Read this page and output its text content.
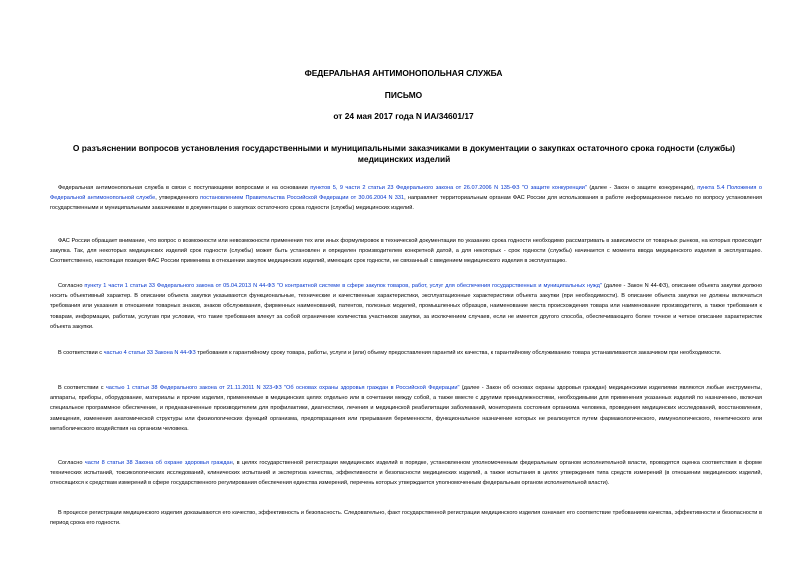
ФЕДЕРАЛЬНАЯ АНТИМОНОПОЛЬНАЯ СЛУЖБА
ПИСЬМО
от 24 мая 2017 года N ИА/34601/17
О разъяснении вопросов установления государственными и муниципальными заказчиками в документации о закупках остаточного срока годности (службы) медицинских изделий

Федеральная антимонопольная служба в связи с поступающими вопросами и на основании пунктов 5, 9 части 2 статьи 23 Федерального закона от 26.07.2006 N 135-ФЗ "О защите конкуренции" (далее - Закон о защите конкуренции), пункта 5.4 Положения о Федеральной антимонопольной службе, утвержденного постановлением Правительства Российской Федерации от 30.06.2004 N 331, направляет территориальным органам ФАС России для использования в работе информационное письмо по вопросу установления государственными и муниципальными заказчиками в документации о закупках остаточного срока годности (службы) медицинских изделий.

ФАС России обращает внимание, что вопрос о возможности или невозможности применения тех или иных формулировок в технической документации по указанию срока годности необходимо рассматривать в зависимости от товарных рынков, на которых происходит закупка. Так, для некоторых медицинских изделий срок годности (службы) может быть установлен и определен производителем конкретной датой, а для некоторых - срок годности (службы) начинается с момента ввода медицинского изделия в эксплуатацию. Соответственно, настоящая позиция ФАС России применима в отношении закупок медицинских изделий, имеющих срок годности, не связанный с введением медицинского изделия в эксплуатацию.

Согласно пункту 1 части 1 статьи 33 Федерального закона от 05.04.2013 N 44-ФЗ "О контрактной системе в сфере закупок товаров, работ, услуг для обеспечения государственных и муниципальных нужд" (далее - Закон N 44-ФЗ), описание объекта закупки должно носить объективный характер. В описании объекта закупки указываются функциональные, технические и качественные характеристики, эксплуатационные характеристики объекта закупки (при необходимости). В описание объекта закупки не должны включаться требования или указания в отношении товарных знаков, знаков обслуживания, фирменных наименований, патентов, полезных моделей, промышленных образцов, наименование места происхождения товара или наименование производителя, а также требования к товарам, информации, работам, услугам при условии, что такие требования влекут за собой ограничение количества участников закупки, за исключением случаев, если не имеется другого способа, обеспечивающего более точное и четкое описание характеристик объекта закупки.

В соответствии с частью 4 статьи 33 Закона N 44-ФЗ требования к гарантийному сроку товара, работы, услуги и (или) объему предоставления гарантий их качества, к гарантийному обслуживанию товара устанавливаются заказчиком при необходимости.

В соответствии с частью 1 статьи 38 Федерального закона от 21.11.2011 N 323-ФЗ "Об основах охраны здоровья граждан в Российской Федерации" (далее - Закон об основах охраны здоровья граждан) медицинскими изделиями являются любые инструменты, аппараты, приборы, оборудование, материалы и прочие изделия, применяемые в медицинских целях отдельно или в сочетании между собой, а также вместе с другими принадлежностями, необходимыми для применения указанных изделий по назначению, включая специальное программное обеспечение, и предназначенные производителем для профилактики, диагностики, лечения и медицинской реабилитации заболеваний, мониторинга состояния организма человека, проведения медицинских исследований, восстановления, замещения, изменения анатомической структуры или физиологических функций организма, предотвращения или прерывания беременности, функциональное назначение которых не реализуется путем фармакологического, иммунологического, генетического или метаболического воздействия на организм человека.

Согласно части 8 статьи 38 Закона об охране здоровья граждан, в целях государственной регистрации медицинских изделий в порядке, установленном уполномоченным федеральным органом исполнительной власти, проводятся оценка соответствия в форме технических испытаний, токсикологических исследований, клинических испытаний и экспертиза качества, эффективности и безопасности медицинских изделий, а также испытания в целях утверждения типа средств измерений (в отношении медицинских изделий, относящихся к средствам измерений в сфере государственного регулирования обеспечения единства измерений, перечень которых утверждается уполномоченным федеральным органом исполнительной власти).

В процессе регистрации медицинского изделия доказываются его качество, эффективность и безопасность. Следовательно, факт государственной регистрации медицинского изделия означает его соответствие требованиям качества, эффективности и безопасности в период срока его годности.
